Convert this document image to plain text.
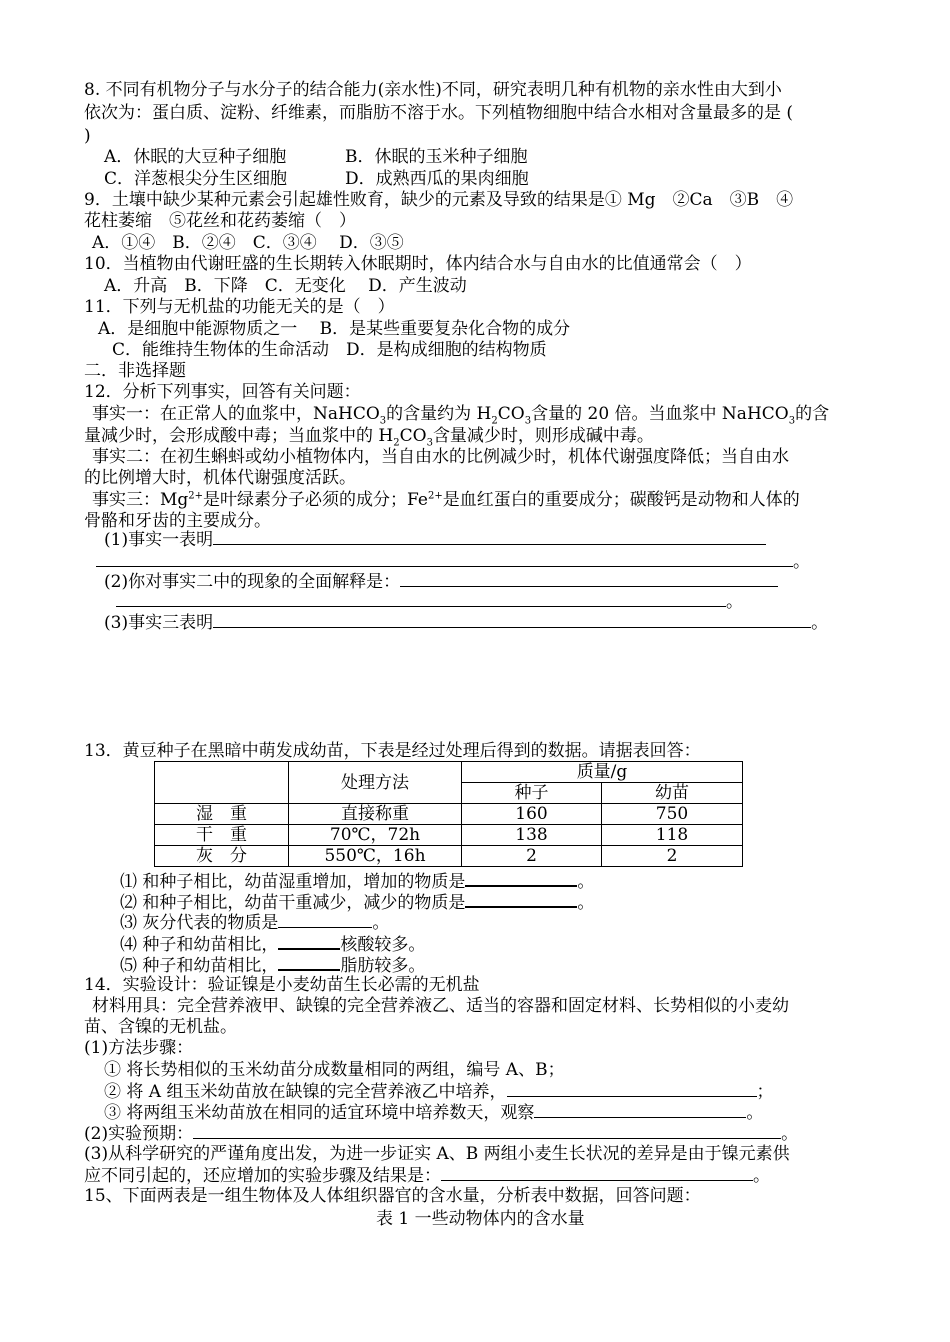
8. 不同有机物分子与水分子的结合能力(亲水性)不同，研究表明几种有机物的亲水性由大到小
依次为：蛋白质、淀粉、纤维素，而脂肪不溶于水。下列植物细胞中结合水相对含量最多的是 (
)
A．休眠的大豆种子细胞	B．休眠的玉米种子细胞
C．洋葱根尖分生区细胞	D．成熟西瓜的果肉细胞
9．土壤中缺少某种元素会引起雄性败育，缺少的元素及导致的结果是① Mg　②Ca　③B　④
花柱萎缩　⑤花丝和花药萎缩（　）
A．①④　B．②④　C．③④　 D．③⑤
10．当植物由代谢旺盛的生长期转入休眠期时，体内结合水与自由水的比值通常会（　）
A．升高　B．下降　C．无变化　 D．产生波动
11．下列与无机盐的功能无关的是（　）
A．是细胞中能源物质之一　 B．是某些重要复杂化合物的成分
C．能维持生物体的生命活动　D．是构成细胞的结构物质
二．非选择题
12．分析下列事实，回答有关问题：
事实一：在正常人的血浆中，NaHCO$_3$的含量约为 $H_2CO_3$含量的 20 倍。当血浆中 NaHCO$_3$的含
量减少时，会形成酸中毒；当血浆中的 $H_2CO_3$含量减少时，则形成碱中毒。
事实二：在初生蝌蚪或幼小植物体内，当自由水的比例减少时，机体代谢强度降低；当自由水
的比例增大时，机体代谢强度活跃。
事实三：$Mg^{2+}$是叶绿素分子必须的成分；$Fe^{2+}$是血红蛋白的重要成分；碳酸钙是动物和人体的
骨骼和牙齿的主要成分。
(1)事实一表明
。
(2)你对事实二中的现象的全面解释是：
。
(3)事实三表明	。
13．黄豆种子在黑暗中萌发成幼苗，下表是经过处理后得到的数据。请据表回答：
	处理方法	质量/g	
		种子	幼苗
湿　重	直接称重	160	750
干　重	70℃，72h	138	118
灰　分	550℃，16h	2	2
⑴ 和种子相比，幼苗湿重增加，增加的物质是	。
⑵ 和种子相比，幼苗干重减少，减少的物质是	。
⑶ 灰分代表的物质是	。
⑷ 种子和幼苗相比，	核酸较多。
⑸ 种子和幼苗相比，	脂肪较多。
14．实验设计：验证镍是小麦幼苗生长必需的无机盐
材料用具：完全营养液甲、缺镍的完全营养液乙、适当的容器和固定材料、长势相似的小麦幼
苗、含镍的无机盐。
(1)方法步骤：
① 将长势相似的玉米幼苗分成数量相同的两组，编号 A、B；
② 将 A 组玉米幼苗放在缺镍的完全营养液乙中培养，	；
③ 将两组玉米幼苗放在相同的适宜环境中培养数天，观察	。
(2)实验预期：	。
(3)从科学研究的严谨角度出发，为进一步证实 A、B 两组小麦生长状况的差异是由于镍元素供
应不同引起的，还应增加的实验步骤及结果是：	。
15、下面两表是一组生物体及人体组织器官的含水量，分析表中数据，回答问题：
表 1 一些动物体内的含水量
